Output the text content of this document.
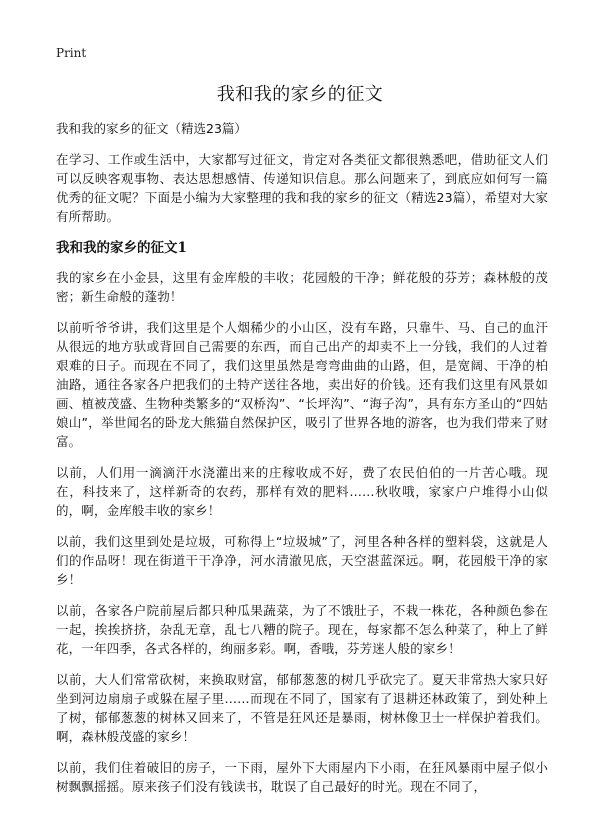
Print
我和我的家乡的征文

我和我的家乡的征文（精选23篇）

在学习、工作或生活中，大家都写过征文，肯定对各类征文都很熟悉吧，借助征文人们可以反映客观事物、表达思想感情、传递知识信息。那么问题来了，到底应如何写一篇优秀的征文呢？下面是小编为大家整理的我和我的家乡的征文（精选23篇），希望对大家有所帮助。

我和我的家乡的征文1

我的家乡在小金县，这里有金库般的丰收；花园般的干净；鲜花般的芬芳；森林般的茂密；新生命般的蓬勃！

以前听爷爷讲，我们这里是个人烟稀少的小山区，没有车路，只靠牛、马、自己的血汗从很远的地方驮或背回自己需要的东西，而自己出产的却卖不上一分钱，我们的人过着艰难的日子。而现在不同了，我们这里虽然是弯弯曲曲的山路，但，是宽阔、干净的柏油路，通往各家各户把我们的土特产送往各地，卖出好的价钱。还有我们这里有风景如画、植被茂盛、生物种类繁多的“双桥沟”、“长坪沟”、“海子沟”，具有东方圣山的“四姑娘山”，举世闻名的卧龙大熊猫自然保护区，吸引了世界各地的游客，也为我们带来了财富。

以前，人们用一滴滴汗水浇灌出来的庄稼收成不好，费了农民伯伯的一片苦心哦。现在，科技来了，这样新奇的农药，那样有效的肥料……秋收哦，家家户户堆得小山似的，啊，金库般丰收的家乡！

以前，我们这里到处是垃圾，可称得上“垃圾城”了，河里各种各样的塑料袋，这就是人们的作品呀！现在街道干干净净，河水清澈见底，天空湛蓝深远。啊，花园般干净的家乡！

以前，各家各户院前屋后都只种瓜果蔬菜，为了不饿肚子，不栽一株花，各种颜色参在一起，挨挨挤挤，杂乱无章，乱七八糟的院子。现在，每家都不怎么种菜了，种上了鲜花，一年四季，各式各样的，绚丽多彩。啊，香哦，芬芳迷人般的家乡！

以前，大人们常常砍树，来换取财富，郁郁葱葱的树几乎砍完了。夏天非常热大家只好坐到河边扇扇子或躲在屋子里……而现在不同了，国家有了退耕还林政策了，到处种上了树，郁郁葱葱的树林又回来了，不管是狂风还是暴雨，树林像卫士一样保护着我们。啊，森林般茂盛的家乡！

以前，我们住着破旧的房子，一下雨，屋外下大雨屋内下小雨，在狂风暴雨中屋子似小树飘飘摇摇。原来孩子们没有钱读书，耽误了自己最好的时光。现在不同了，
